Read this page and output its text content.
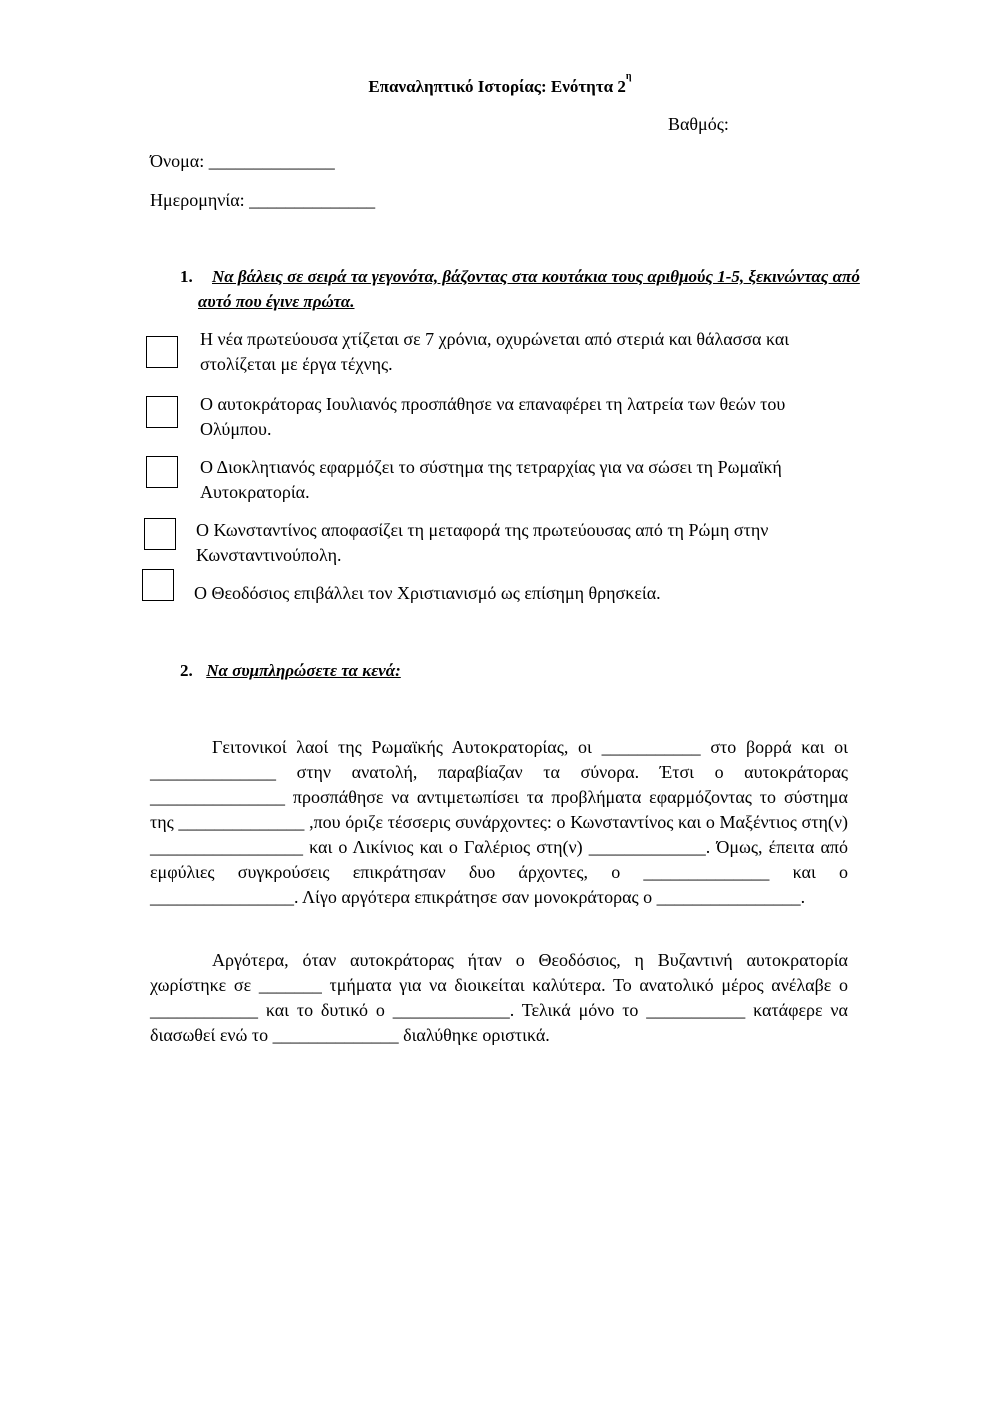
Επαναληπτικό Ιστορίας: Ενότητα $2^\eta$
Βαθμός:
Όνομα: ______________
Ημερομηνία: ______________
1.	Να βάλεις σε σειρά τα γεγονότα, βάζοντας στα κουτάκια τους αριθμούς 1-5, ξεκινώντας από αυτό που έγινε πρώτα.
Η νέα πρωτεύουσα χτίζεται σε 7 χρόνια, οχυρώνεται από στεριά και θάλασσα και στολίζεται με έργα τέχνης.
Ο αυτοκράτορας Ιουλιανός προσπάθησε να επαναφέρει τη λατρεία των θεών του Ολύμπου.
Ο Διοκλητιανός εφαρμόζει το σύστημα της τετραρχίας για να σώσει τη Ρωμαϊκή Αυτοκρατορία.
Ο Κωνσταντίνος αποφασίζει τη μεταφορά της πρωτεύουσας από τη Ρώμη στην Κωνσταντινούπολη.
Ο Θεοδόσιος επιβάλλει τον Χριστιανισμό ως επίσημη θρησκεία.
2. Να συμπληρώσετε τα κενά:

Γειτονικοί λαοί της Ρωμαϊκής Αυτοκρατορίας, οι ___________ στο βορρά και οι ______________ στην ανατολή, παραβίαζαν τα σύνορα. Έτσι ο αυτοκράτορας _______________ προσπάθησε να αντιμετωπίσει τα προβλήματα εφαρμόζοντας το σύστημα της ______________ ,που όριζε τέσσερις συνάρχοντες: ο Κωνσταντίνος και ο Μαξέντιος στη(ν) _________________ και ο Λικίνιος και ο Γαλέριος στη(ν) _____________. Όμως, έπειτα από εμφύλιες συγκρούσεις επικράτησαν δυο άρχοντες, ο ______________ και ο ________________. Λίγο αργότερα επικράτησε σαν μονοκράτορας ο ________________.

Αργότερα, όταν αυτοκράτορας ήταν ο Θεοδόσιος, η Βυζαντινή αυτοκρατορία χωρίστηκε σε _______ τμήματα για να διοικείται καλύτερα. Το ανατολικό μέρος ανέλαβε ο ____________ και το δυτικό ο _____________. Τελικά μόνο το ___________ κατάφερε να διασωθεί ενώ το ______________ διαλύθηκε οριστικά.
